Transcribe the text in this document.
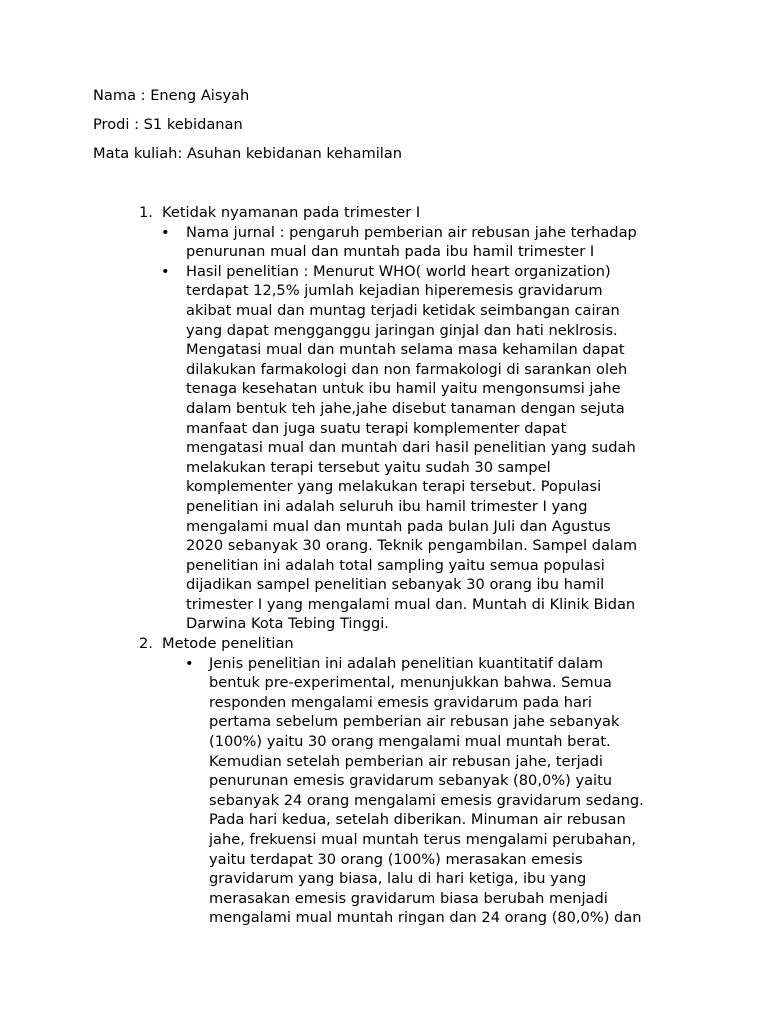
Nama : Eneng Aisyah

Prodi : S1 kebidanan

Mata kuliah: Asuhan kebidanan kehamilan

1. Ketidak nyamanan pada trimester I
• Nama jurnal : pengaruh pemberian air rebusan jahe terhadap
penurunan mual dan muntah pada ibu hamil trimester I

• Hasil penelitian : Menurut WHO( world heart organization)
terdapat 12,5% jumlah kejadian hiperemesis gravidarum
akibat mual dan muntag terjadi ketidak seimbangan cairan
yang dapat mengganggu jaringan ginjal dan hati neklrosis.
Mengatasi mual dan muntah selama masa kehamilan dapat
dilakukan farmakologi dan non farmakologi di sarankan oleh
tenaga kesehatan untuk ibu hamil yaitu mengonsumsi jahe
dalam bentuk teh jahe,jahe disebut tanaman dengan sejuta
manfaat dan juga suatu terapi komplementer dapat
mengatasi mual dan muntah dari hasil penelitian yang sudah
melakukan terapi tersebut yaitu sudah 30 sampel
komplementer yang melakukan terapi tersebut. Populasi
penelitian ini adalah seluruh ibu hamil trimester I yang
mengalami mual dan muntah pada bulan Juli dan Agustus
2020 sebanyak 30 orang. Teknik pengambilan. Sampel dalam
penelitian ini adalah total sampling yaitu semua populasi
dijadikan sampel penelitian sebanyak 30 orang ibu hamil
trimester I yang mengalami mual dan. Muntah di Klinik Bidan
Darwina Kota Tebing Tinggi.

2. Metode penelitian
• Jenis penelitian ini adalah penelitian kuantitatif dalam
bentuk pre-experimental, menunjukkan bahwa. Semua
responden mengalami emesis gravidarum pada hari
pertama sebelum pemberian air rebusan jahe sebanyak
(100%) yaitu 30 orang mengalami mual muntah berat.
Kemudian setelah pemberian air rebusan jahe, terjadi
penurunan emesis gravidarum sebanyak (80,0%) yaitu
sebanyak 24 orang mengalami emesis gravidarum sedang.
Pada hari kedua, setelah diberikan. Minuman air rebusan
jahe, frekuensi mual muntah terus mengalami perubahan,
yaitu terdapat 30 orang (100%) merasakan emesis
gravidarum yang biasa, lalu di hari ketiga, ibu yang
merasakan emesis gravidarum biasa berubah menjadi
mengalami mual muntah ringan dan 24 orang (80,0%) dan
